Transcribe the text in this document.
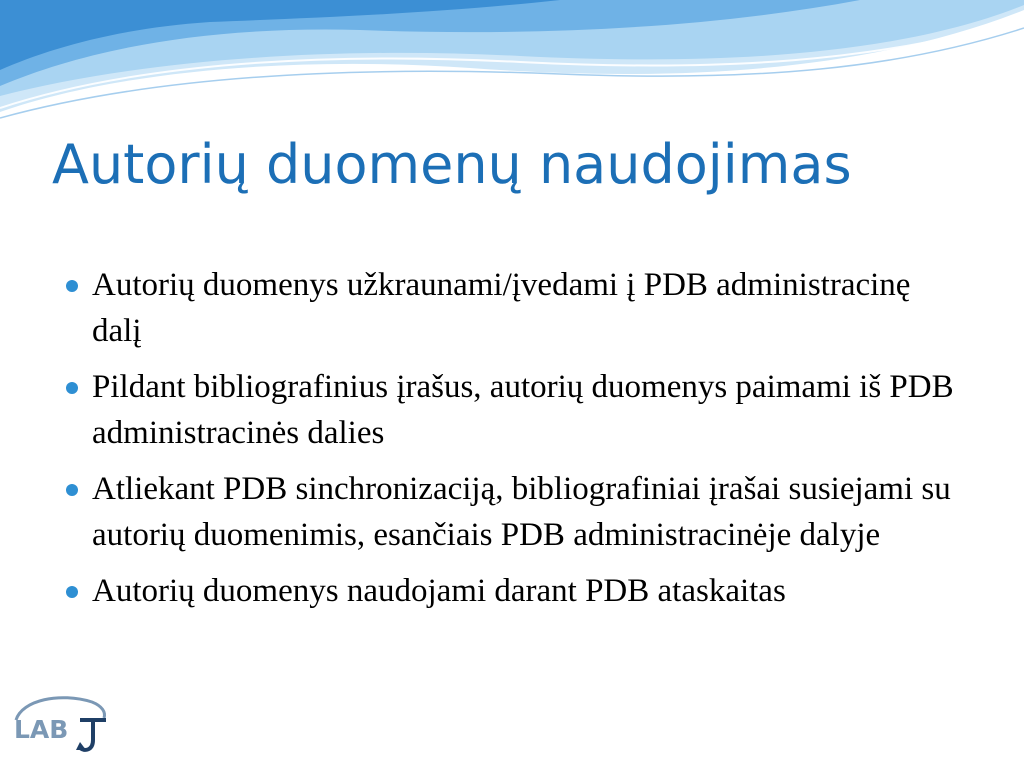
Autorių duomenų naudojimas
Autorių duomenys užkraunami/įvedami į PDB administracinę dalį
Pildant bibliografinius įrašus, autorių duomenys paimami iš PDB administracinės dalies
Atliekant PDB sinchronizaciją, bibliografiniai įrašai susiejami su autorių duomenimis, esančiais PDB administracinėje dalyje
Autorių duomenys naudojami darant PDB ataskaitas
LAB
